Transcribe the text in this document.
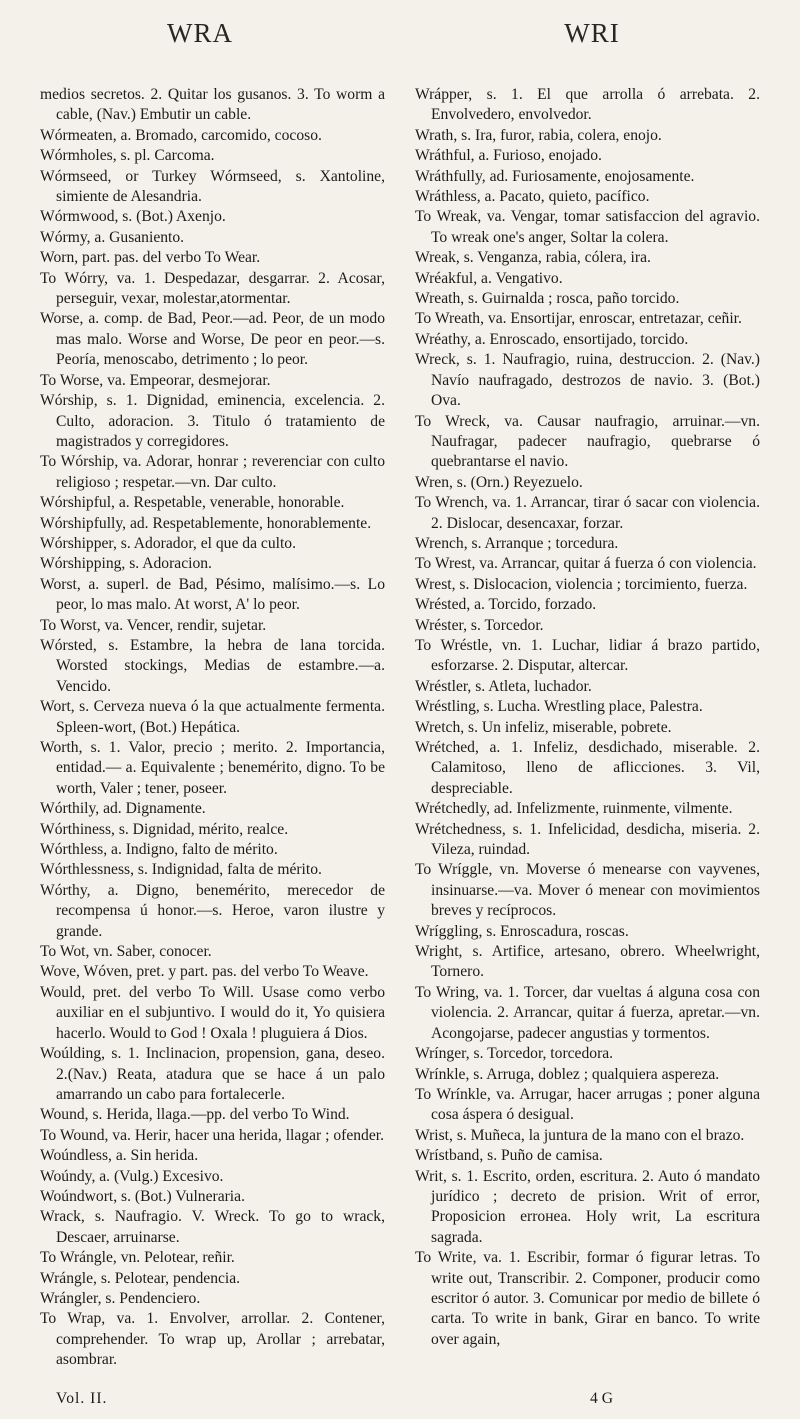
WRA	WRI

medios secretos. 2. Quitar los gusanos. 3. To worm a cable, (Nav.) Embutir un cable.

Wórmeaten, a. Bromado, carcomido, cocoso.

Wórmholes, s. pl. Carcoma.

Wórmseed, or Turkey Wórmseed, s. Xantoline, simiente de Alesandria.

Wórmwood, s. (Bot.) Axenjo.

Wórmy, a. Gusaniento.

Worn, part. pas. del verbo To Wear.

To Wórry, va. 1. Despedazar, desgarrar. 2. Acosar, perseguir, vexar, molestar,atormentar.

Worse, a. comp. de Bad, Peor.—ad. Peor, de un modo mas malo. Worse and Worse, De peor en peor.—s. Peoría, menoscabo, detrimento ; lo peor.

To Worse, va. Empeorar, desmejorar.

Wórship, s. 1. Dignidad, eminencia, excelencia. 2. Culto, adoracion. 3. Titulo ó tratamiento de magistrados y corregidores.

To Wórship, va. Adorar, honrar ; reverenciar con culto religioso ; respetar.—vn. Dar culto.

Wórshipful, a. Respetable, venerable, honorable.

Wórshipfully, ad. Respetablemente, honorablemente.

Wórshipper, s. Adorador, el que da culto.

Wórshipping, s. Adoracion.

Worst, a. superl. de Bad, Pésimo, malísimo.—s. Lo peor, lo mas malo. At worst, A' lo peor.

To Worst, va. Vencer, rendir, sujetar.

Wórsted, s. Estambre, la hebra de lana torcida. Worsted stockings, Medias de estambre.—a. Vencido.

Wort, s. Cerveza nueva ó la que actualmente fermenta. Spleen-wort, (Bot.) Hepática.

Worth, s. 1. Valor, precio ; merito. 2. Importancia, entidad.— a. Equivalente ; benemérito, digno. To be worth, Valer ; tener, poseer.

Wórthily, ad. Dignamente.

Wórthiness, s. Dignidad, mérito, realce.

Wórthless, a. Indigno, falto de mérito.

Wórthlessness, s. Indignidad, falta de mérito.

Wórthy, a. Digno, benemérito, merecedor de recompensa ú honor.—s. Heroe, varon ilustre y grande.

To Wot, vn. Saber, conocer.

Wove, Wóven, pret. y part. pas. del verbo To Weave.

Would, pret. del verbo To Will. Usase como verbo auxiliar en el subjuntivo. I would do it, Yo quisiera hacerlo. Would to God ! Oxala ! pluguiera á Dios.

Woúlding, s. 1. Inclinacion, propension, gana, deseo. 2.(Nav.) Reata, atadura que se hace á un palo amarrando un cabo para fortalecerle.

Wound, s. Herida, llaga.—pp. del verbo To Wind.

To Wound, va. Herir, hacer una herida, llagar ; ofender.

Woúndless, a. Sin herida.

Woúndy, a. (Vulg.) Excesivo.

Woúndwort, s. (Bot.) Vulneraria.

Wrack, s. Naufragio. V. Wreck. To go to wrack, Descaer, arruinarse.

To Wrángle, vn. Pelotear, reñir.

Wrángle, s. Pelotear, pendencia.

Wrángler, s. Pendenciero.

To Wrap, va. 1. Envolver, arrollar. 2. Contener, comprehender. To wrap up, Arollar ; arrebatar, asombrar.

Wrápper, s. 1. El que arrolla ó arrebata. 2. Envolvedero, envolvedor.

Wrath, s. Ira, furor, rabia, colera, enojo.

Wráthful, a. Furioso, enojado.

Wráthfully, ad. Furiosamente, enojosamente.

Wráthless, a. Pacato, quieto, pacífico.

To Wreak, va. Vengar, tomar satisfaccion del agravio. To wreak one's anger, Soltar la colera.

Wreak, s. Venganza, rabia, cólera, ira.

Wréakful, a. Vengativo.

Wreath, s. Guirnalda ; rosca, paño torcido.

To Wreath, va. Ensortijar, enroscar, entretazar, ceñir.

Wréathy, a. Enroscado, ensortijado, torcido.

Wreck, s. 1. Naufragio, ruina, destruccion. 2. (Nav.) Navío naufragado, destrozos de navio. 3. (Bot.) Ova.

To Wreck, va. Causar naufragio, arruinar.—vn. Naufragar, padecer naufragio, quebrarse ó quebrantarse el navio.

Wren, s. (Orn.) Reyezuelo.

To Wrench, va. 1. Arrancar, tirar ó sacar con violencia. 2. Dislocar, desencaxar, forzar.

Wrench, s. Arranque ; torcedura.

To Wrest, va. Arrancar, quitar á fuerza ó con violencia.

Wrest, s. Dislocacion, violencia ; torcimiento, fuerza.

Wrésted, a. Torcido, forzado.

Wréster, s. Torcedor.

To Wréstle, vn. 1. Luchar, lidiar á brazo partido, esforzarse. 2. Disputar, altercar.

Wréstler, s. Atleta, luchador.

Wréstling, s. Lucha. Wrestling place, Palestra.

Wretch, s. Un infeliz, miserable, pobrete.

Wrétched, a. 1. Infeliz, desdichado, miserable. 2. Calamitoso, lleno de aflicciones. 3. Vil, despreciable.

Wrétchedly, ad. Infelizmente, ruinmente, vilmente.

Wrétchedness, s. 1. Infelicidad, desdicha, miseria. 2. Vileza, ruindad.

To Wríggle, vn. Moverse ó menearse con vayvenes, insinuarse.—va. Mover ó menear con movimientos breves y recíprocos.

Wríggling, s. Enroscadura, roscas.

Wright, s. Artifice, artesano, obrero. Wheelwright, Tornero.

To Wring, va. 1. Torcer, dar vueltas á alguna cosa con violencia. 2. Arrancar, quitar á fuerza, apretar.—vn. Acongojarse, padecer angustias y tormentos.

Wrínger, s. Torcedor, torcedora.

Wrínkle, s. Arruga, doblez ; qualquiera aspereza.

To Wrínkle, va. Arrugar, hacer arrugas ; poner alguna cosa áspera ó desigual.

Wrist, s. Muñeca, la juntura de la mano con el brazo.

Wrístband, s. Puño de camisa.

Writ, s. 1. Escrito, orden, escritura. 2. Auto ó mandato jurídico ; decreto de prision. Writ of error, Proposicion errонea. Holy writ, La escritura sagrada.

To Write, va. 1. Escribir, formar ó figurar letras. To write out, Transcribir. 2. Componer, producir como escritor ó autor. 3. Comunicar por medio de billete ó carta. To write in bank, Girar en banco. To write over again,

Vol. II.	4 G
